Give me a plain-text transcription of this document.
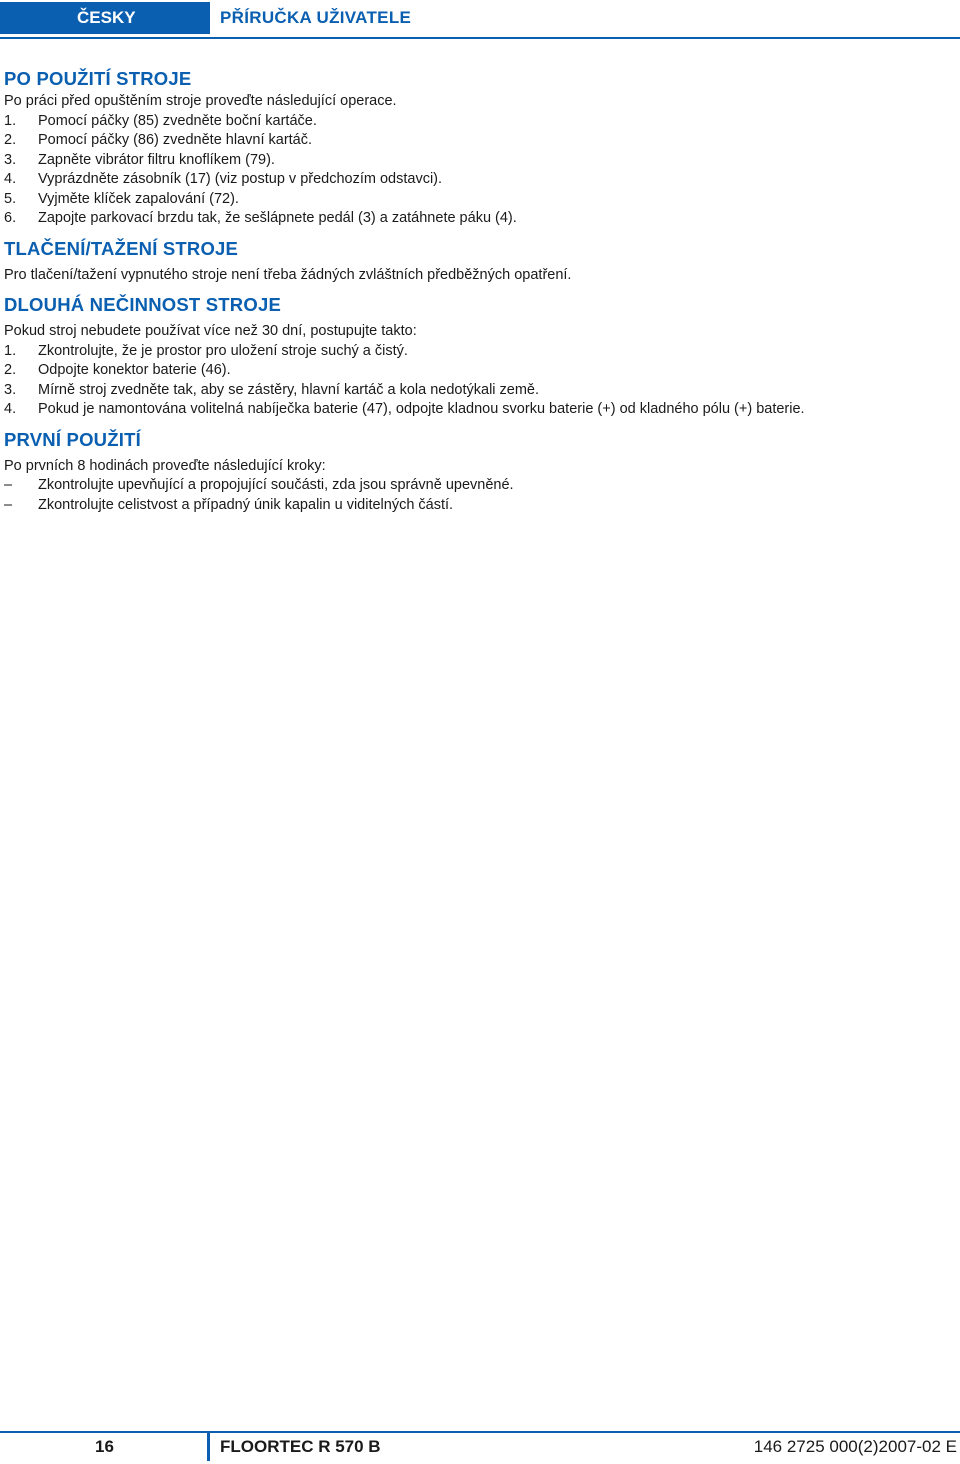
ČESKY	PŘÍRUČKA UŽIVATELE
PO POUŽITÍ STROJE

Po práci před opuštěním stroje proveďte následující operace.

1.	Pomocí páčky (85) zvedněte boční kartáče.
2.	Pomocí páčky (86) zvedněte hlavní kartáč.
3.	Zapněte vibrátor filtru knoflíkem (79).
4.	Vyprázdněte zásobník (17) (viz postup v předchozím odstavci).
5.	Vyjměte klíček zapalování (72).
6.	Zapojte parkovací brzdu tak, že sešlápnete pedál (3) a zatáhnete páku (4).
TLAČENÍ/TAŽENÍ STROJE

Pro tlačení/tažení vypnutého stroje není třeba žádných zvláštních předběžných opatření.

DLOUHÁ NEČINNOST STROJE

Pokud stroj nebudete používat více než 30 dní, postupujte takto:

1.	Zkontrolujte, že je prostor pro uložení stroje suchý a čistý.
2.	Odpojte konektor baterie (46).
3.	Mírně stroj zvedněte tak, aby se zástěry, hlavní kartáč a kola nedotýkali země.
4.	Pokud je namontována volitelná nabíječka baterie (47), odpojte kladnou svorku baterie (+) od kladného pólu (+) baterie.
PRVNÍ POUŽITÍ

Po prvních 8 hodinách proveďte následující kroky:

–	Zkontrolujte upevňující a propojující součásti, zda jsou správně upevněné.
–	Zkontrolujte celistvost a případný únik kapalin u viditelných částí.
16	FLOORTEC R 570 B	146 2725 000(2)2007-02 E
